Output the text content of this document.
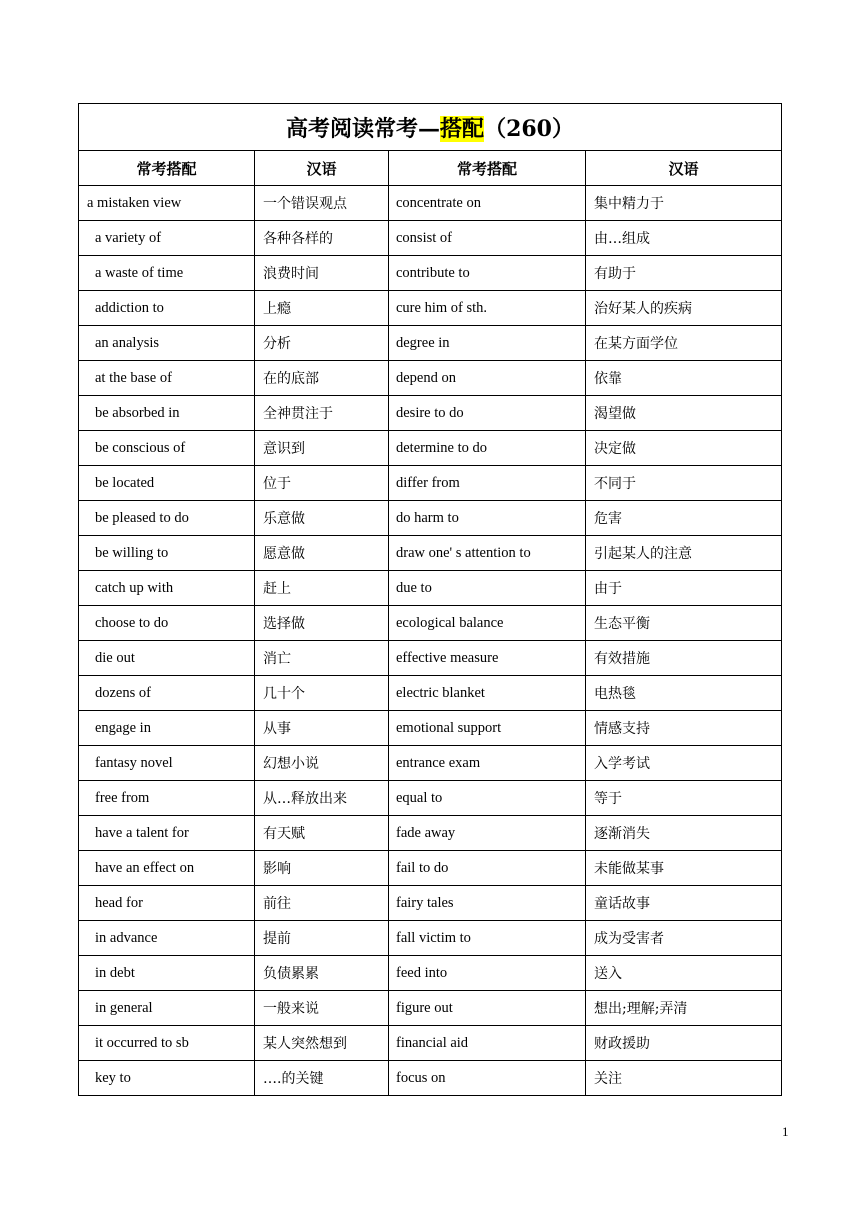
高考阅读常考—搭配（260）			
常考搭配	汉语	常考搭配	汉语
a mistaken view	一个错误观点	concentrate on	集中精力于
a variety of	各种各样的	consist of	由…组成
a waste of time	浪费时间	contribute to	有助于
addiction to	上瘾	cure him of sth.	治好某人的疾病
an analysis	分析	degree in	在某方面学位
at the base of	在的底部	depend on	依靠
be absorbed in	全神贯注于	desire to do	渴望做
be conscious of	意识到	determine to do	决定做
be located	位于	differ from	不同于
be pleased to do	乐意做	do harm to	危害
be willing to	愿意做	draw one' s attention to	引起某人的注意
catch up with	赶上	due to	由于
choose to do	选择做	ecological balance	生态平衡
die out	消亡	effective measure	有效措施
dozens of	几十个	electric blanket	电热毯
engage in	从事	emotional support	情感支持
fantasy novel	幻想小说	entrance exam	入学考试
free from	从…释放出来	equal to	等于
have a talent for	有天赋	fade away	逐渐消失
have an effect on	影响	fail to do	未能做某事
head for	前往	fairy tales	童话故事
in advance	提前	fall victim to	成为受害者
in debt	负债累累	feed into	送入
in general	一般来说	figure out	想出;理解;弄清
it occurred to sb	某人突然想到	financial aid	财政援助
key to	….的关键	focus on	关注
1
